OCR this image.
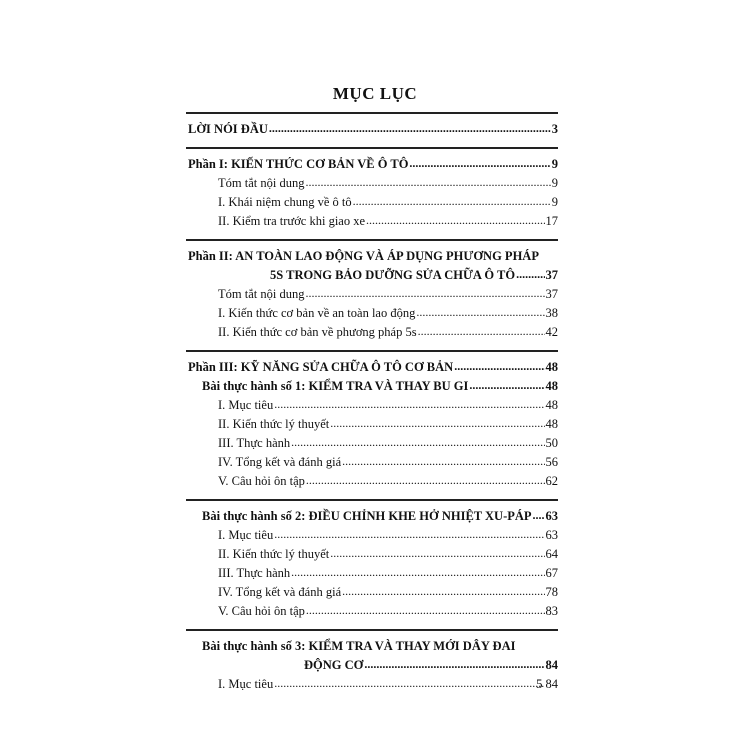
MỤC LỤC
LỜI NÓI ĐẦU .....	3
Phần I: KIẾN THỨC CƠ BẢN VỀ Ô TÔ .....	9
Tóm tắt nội dung .....	9
I. Khái niệm chung về ô tô .....	9
II. Kiểm tra trước khi giao xe .....	17
Phần II: AN TOÀN LAO ĐỘNG VÀ ÁP DỤNG PHƯƠNG PHÁP
5S TRONG BẢO DƯỠNG SỬA CHỮA Ô TÔ ..... 37
Tóm tắt nội dung .....	37
I. Kiến thức cơ bản về an toàn lao động .....	38
II. Kiến thức cơ bản về phương pháp 5s .....	42
Phần III: KỸ NĂNG SỬA CHỮA Ô TÔ CƠ BẢN .....	48
Bài thực hành số 1: KIỂM TRA VÀ THAY BU GI .....	48
I. Mục tiêu .....	48
II. Kiến thức lý thuyết .....	48
III. Thực hành .....	50
IV. Tổng kết và đánh giá .....	56
V. Câu hỏi ôn tập .....	62
Bài thực hành số 2: ĐIỀU CHỈNH KHE HỞ NHIỆT XU-PÁP ..... 63
I. Mục tiêu .....	63
II. Kiến thức lý thuyết .....	64
III. Thực hành .....	67
IV. Tổng kết và đánh giá .....	78
V. Câu hỏi ôn tập .....	83
Bài thực hành số 3: KIỂM TRA VÀ THAY MỚI DÂY ĐAI
ĐỘNG CƠ .....	84
I. Mục tiêu .....	84
5
